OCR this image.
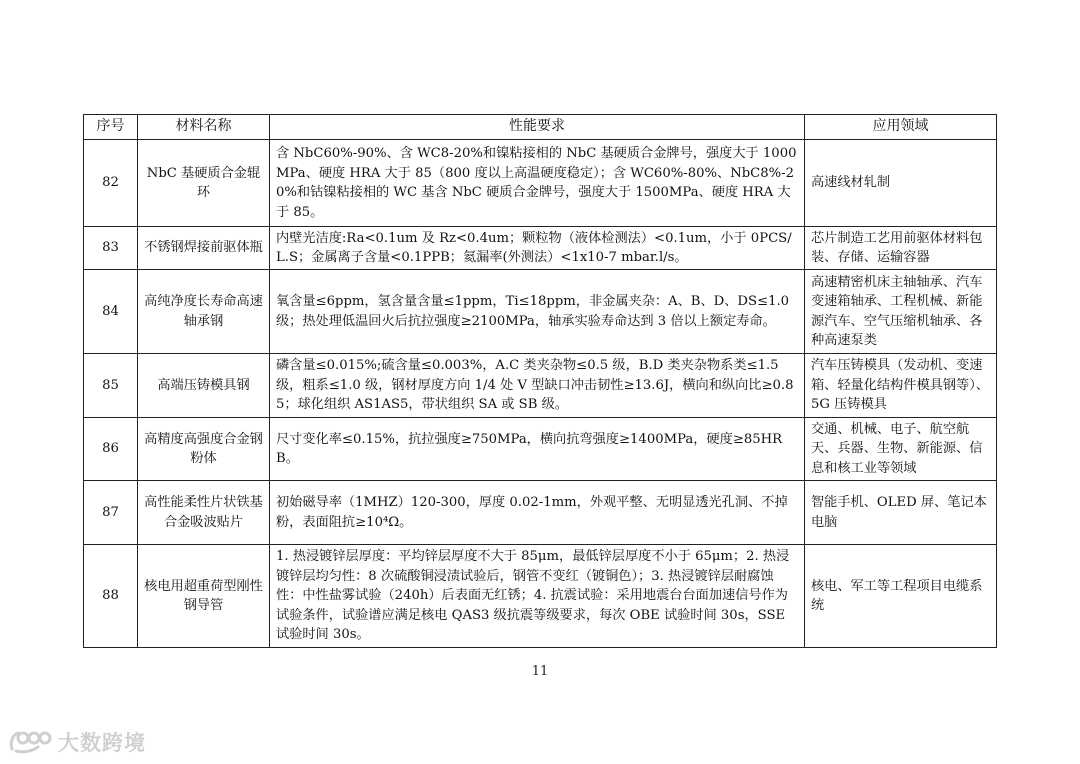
序号	材料名称	性能要求	应用领域
82	NbC 基硬质合金辊环	含 NbC60%-90%、含 WC8-20%和镍粘接相的 NbC 基硬质合金牌号，强度大于 1000MPa、硬度 HRA 大于 85（800 度以上高温硬度稳定）；含 WC60%-80%、NbC8%-20%和钴镍粘接相的 WC 基含 NbC 硬质合金牌号，强度大于 1500MPa、硬度 HRA 大于 85。	高速线材轧制
83	不锈钢焊接前驱体瓶	内壁光洁度:Ra<0.1um 及 Rz<0.4um；颗粒物（液体检测法）<0.1um，小于 0PCS/L.S；金属离子含量<0.1PPB；氦漏率(外测法）<1x10-7 mbar.l/s。	芯片制造工艺用前驱体材料包装、存储、运输容器
84	高纯净度长寿命高速轴承钢	氧含量≤6ppm，氢含量含量≤1ppm，Ti≤18ppm，非金属夹杂：A、B、D、DS≤1.0 级；热处理低温回火后抗拉强度≥2100MPa，轴承实验寿命达到 3 倍以上额定寿命。	高速精密机床主轴轴承、汽车变速箱轴承、工程机械、新能源汽车、空气压缩机轴承、各种高速泵类
85	高端压铸模具钢	磷含量≤0.015%;硫含量≤0.003%，A.C 类夹杂物≤0.5 级，B.D 类夹杂物系类≤1.5 级，粗系≤1.0 级，钢材厚度方向 1/4 处 V 型缺口冲击韧性≥13.6J，横向和纵向比≥0.85；球化组织 AS1AS5，带状组织 SA 或 SB 级。	汽车压铸模具（发动机、变速箱、轻量化结构件模具钢等）、5G 压铸模具
86	高精度高强度合金钢粉体	尺寸变化率≤0.15%，抗拉强度≥750MPa，横向抗弯强度≥1400MPa，硬度≥85HRB。	交通、机械、电子、航空航天、兵器、生物、新能源、信息和核工业等领域
87	高性能柔性片状铁基合金吸波贴片	初始磁导率（1MHZ）120-300，厚度 0.02-1mm，外观平整、无明显透光孔洞、不掉粉，表面阻抗≥10⁴Ω。	智能手机、OLED 屏、笔记本电脑
88	核电用超重荷型刚性钢导管	1. 热浸镀锌层厚度：平均锌层厚度不大于 85μm，最低锌层厚度不小于 65μm；2. 热浸镀锌层均匀性：8 次硫酸铜浸渍试验后，钢管不变红（镀铜色）；3. 热浸镀锌层耐腐蚀性：中性盐雾试验（240h）后表面无红锈；4. 抗震试验：采用地震台台面加速信号作为试验条件，试验谱应满足核电 QAS3 级抗震等级要求，每次 OBE 试验时间 30s，SSE 试验时间 30s。	核电、军工等工程项目电缆系统
11
大数跨境
